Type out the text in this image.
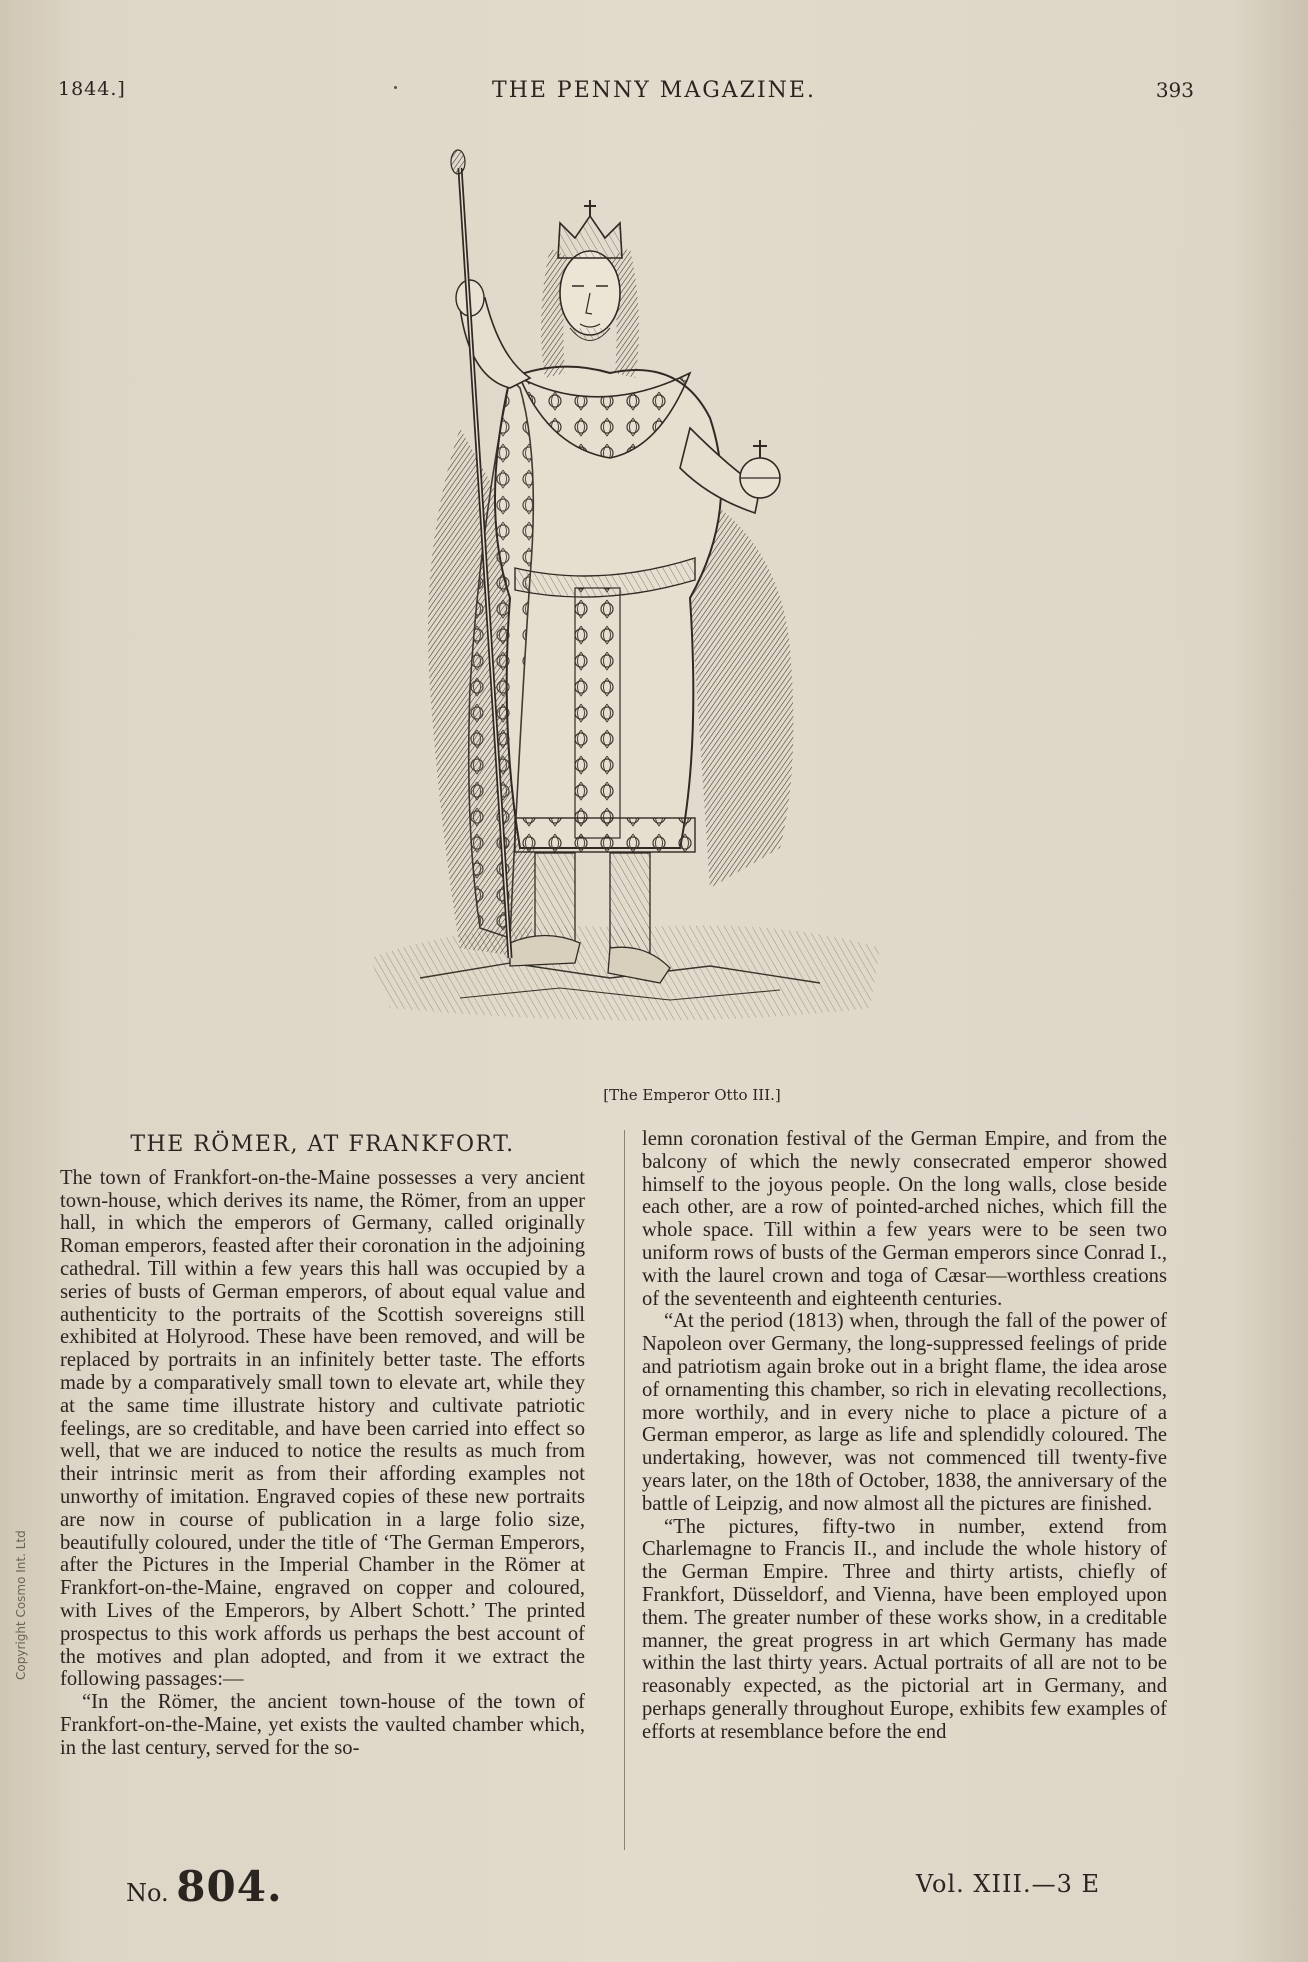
1844.]	THE PENNY MAGAZINE.	393
[The Emperor Otto III.]
THE RÖMER, AT FRANKFORT.

The town of Frankfort-on-the-Maine possesses a very ancient town-house, which derives its name, the Römer, from an upper hall, in which the emperors of Germany, called originally Roman emperors, feasted after their coronation in the adjoining cathedral. Till within a few years this hall was occupied by a series of busts of German emperors, of about equal value and authenticity to the portraits of the Scottish sovereigns still exhibited at Holyrood. These have been removed, and will be replaced by portraits in an infinitely better taste. The efforts made by a comparatively small town to elevate art, while they at the same time illustrate history and cultivate patriotic feelings, are so creditable, and have been carried into effect so well, that we are induced to notice the results as much from their intrinsic merit as from their affording examples not unworthy of imitation. Engraved copies of these new portraits are now in course of publication in a large folio size, beautifully coloured, under the title of ‘The German Emperors, after the Pictures in the Imperial Chamber in the Römer at Frankfort-on-the-Maine, engraved on copper and coloured, with Lives of the Emperors, by Albert Schott.’ The printed prospectus to this work affords us perhaps the best account of the motives and plan adopted, and from it we extract the following passages:—

“In the Römer, the ancient town-house of the town of Frankfort-on-the-Maine, yet exists the vaulted chamber which, in the last century, served for the so-

lemn coronation festival of the German Empire, and from the balcony of which the newly consecrated emperor showed himself to the joyous people. On the long walls, close beside each other, are a row of pointed-arched niches, which fill the whole space. Till within a few years were to be seen two uniform rows of busts of the German emperors since Conrad I., with the laurel crown and toga of Cæsar—worthless creations of the seventeenth and eighteenth centuries.

“At the period (1813) when, through the fall of the power of Napoleon over Germany, the long-suppressed feelings of pride and patriotism again broke out in a bright flame, the idea arose of ornamenting this chamber, so rich in elevating recollections, more worthily, and in every niche to place a picture of a German emperor, as large as life and splendidly coloured. The undertaking, however, was not commenced till twenty-five years later, on the 18th of October, 1838, the anniversary of the battle of Leipzig, and now almost all the pictures are finished.

“The pictures, fifty-two in number, extend from Charlemagne to Francis II., and include the whole history of the German Empire. Three and thirty artists, chiefly of Frankfort, Düsseldorf, and Vienna, have been employed upon them. The greater number of these works show, in a creditable manner, the great progress in art which Germany has made within the last thirty years. Actual portraits of all are not to be reasonably expected, as the pictorial art in Germany, and perhaps generally throughout Europe, exhibits few examples of efforts at resemblance before the end

No. 804.	Vol. XIII.—3 E
Copyright Cosmo Int. Ltd
